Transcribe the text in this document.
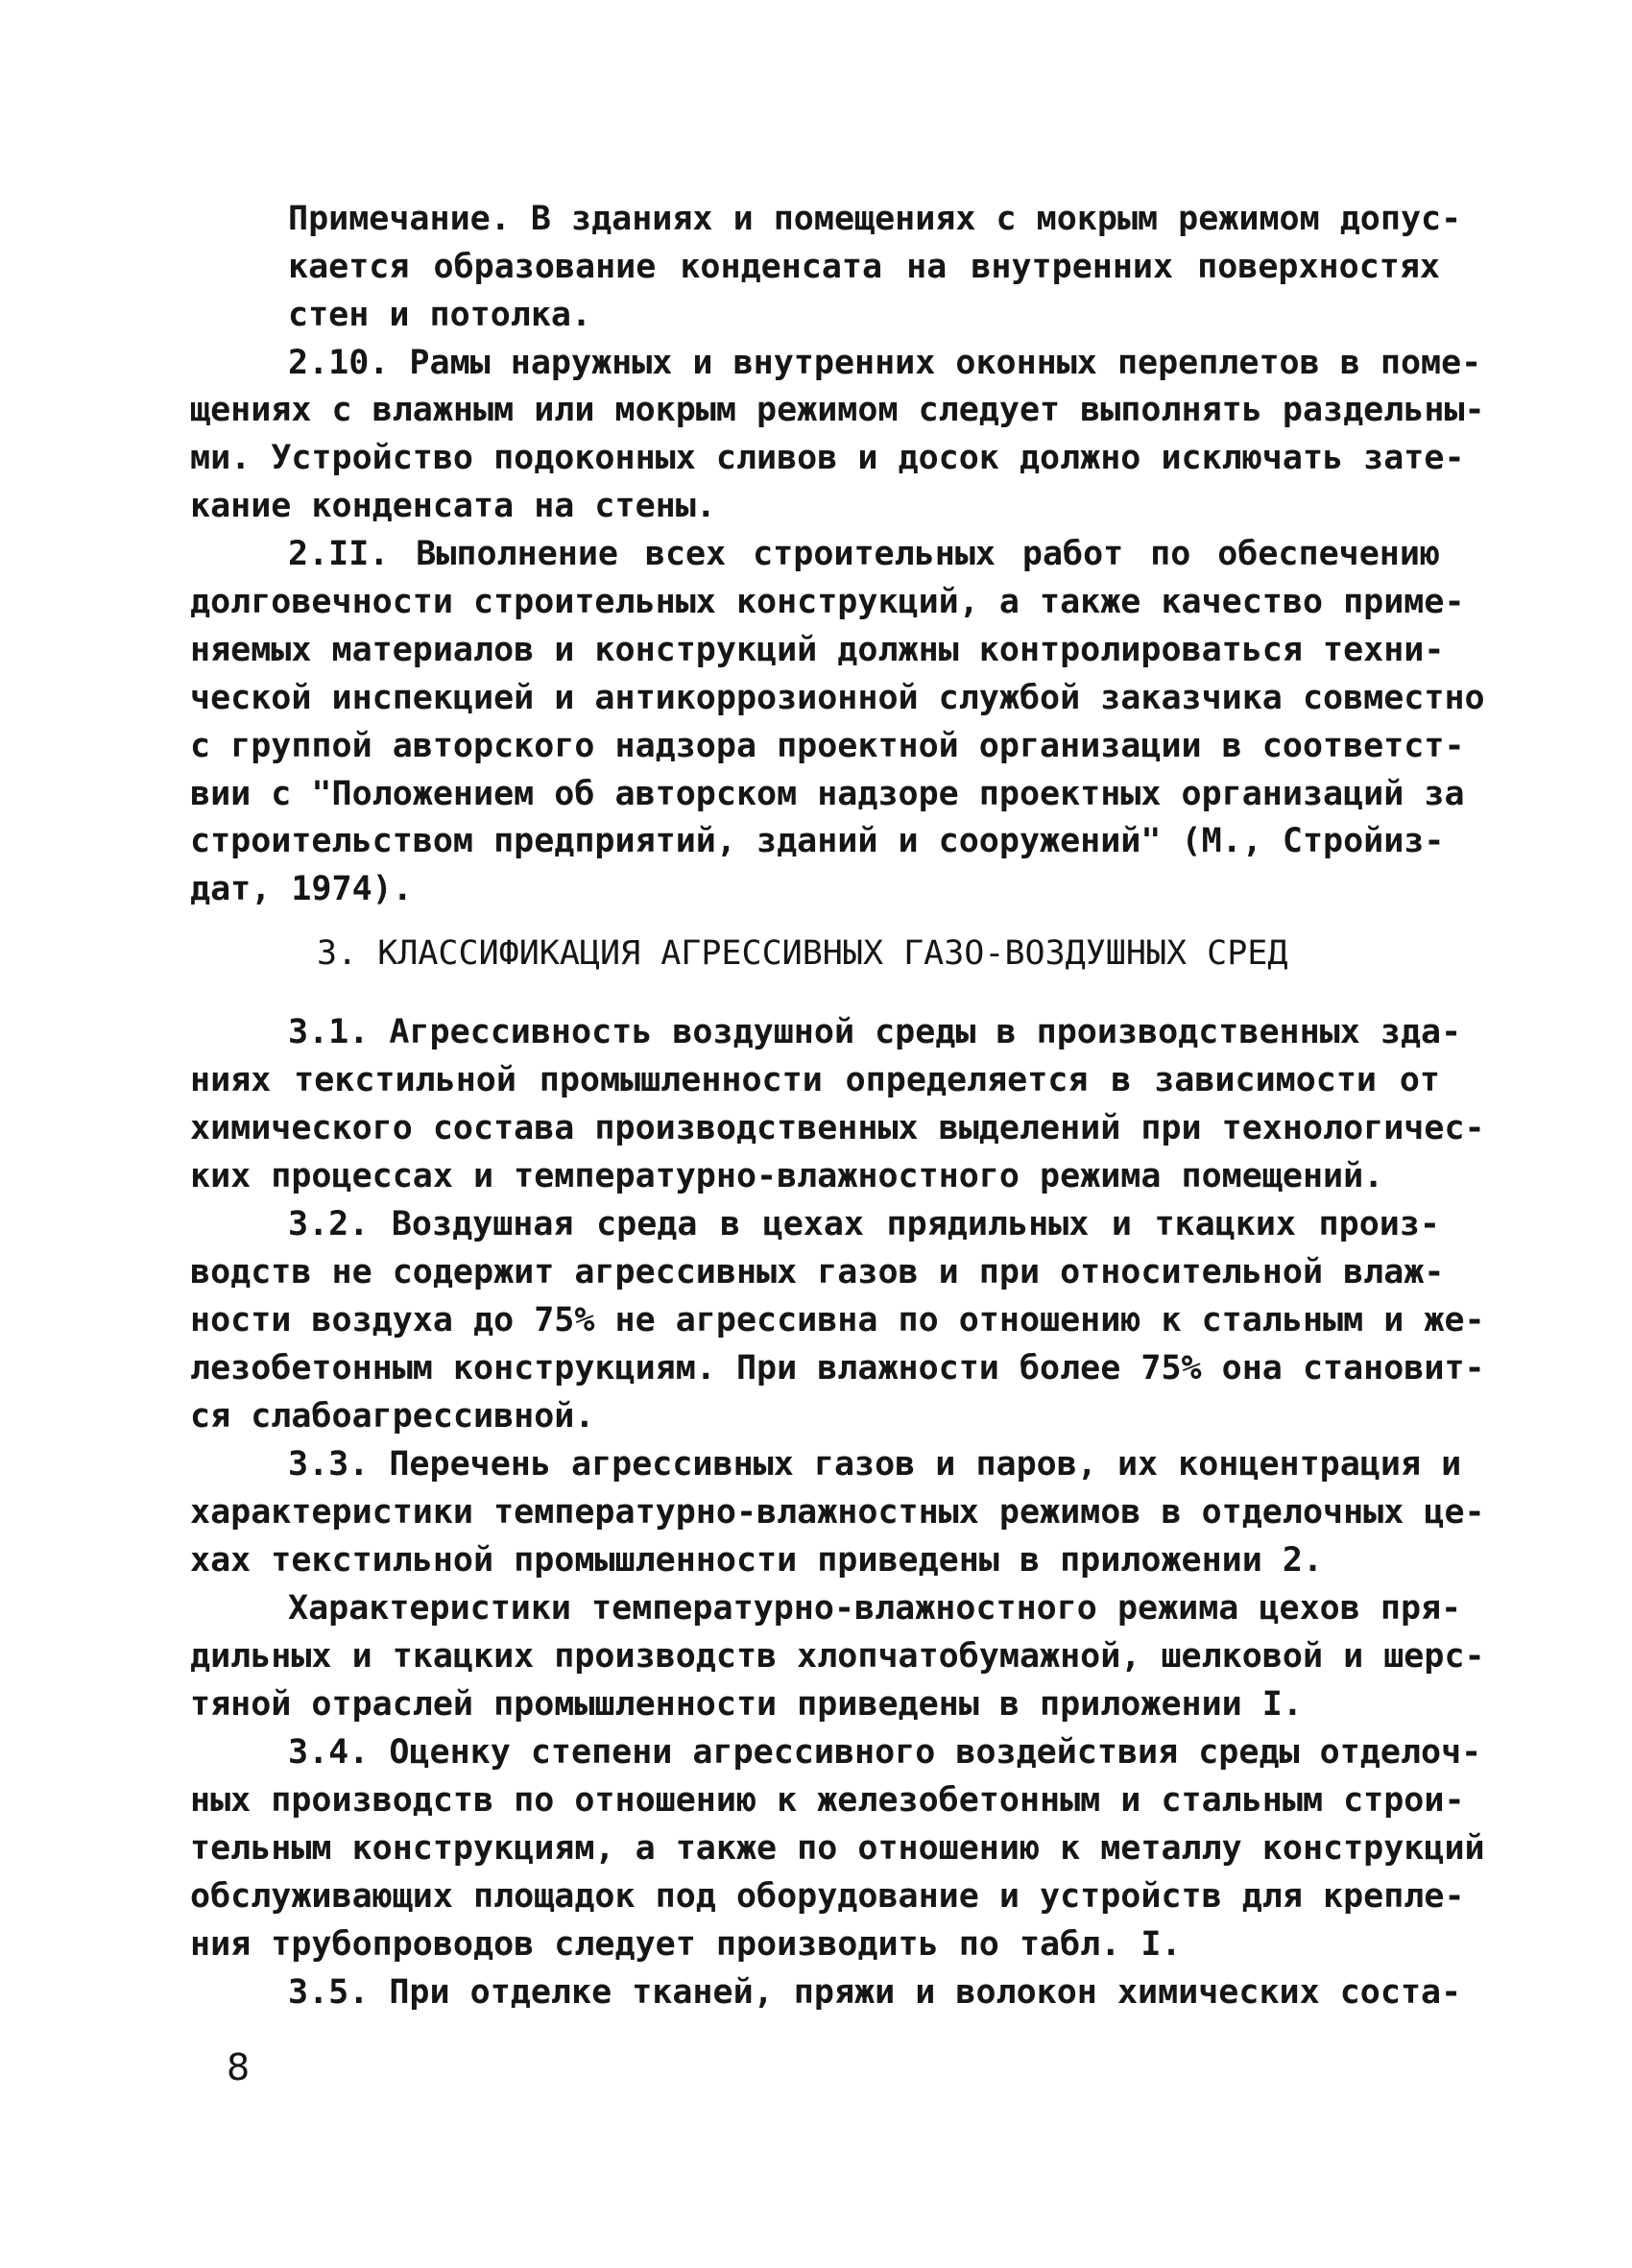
Примечание. В зданиях и помещениях с мокрым режимом допус-

кается образование конденсата на внутренних поверхностях

стен и потолка.

2.10. Рамы наружных и внутренних оконных переплетов в поме-

щениях с влажным или мокрым режимом следует выполнять раздельны-

ми. Устройство подоконных сливов и досок должно исключать зате-

кание конденсата на стены.

2.II. Выполнение всех строительных работ по обеспечению

долговечности строительных конструкций, а также качество приме-

няемых материалов и конструкций должны контролироваться техни-

ческой инспекцией и антикоррозионной службой заказчика совместно

с группой авторского надзора проектной организации в соответст-

вии с "Положением об авторском надзоре проектных организаций за

строительством предприятий, зданий и сооружений" (М., Стройиз-

дат, 1974).

3. КЛАССИФИКАЦИЯ АГРЕССИВНЫХ ГАЗО-ВОЗДУШНЫХ СРЕД

3.1. Агрессивность воздушной среды в производственных зда-

ниях текстильной промышленности определяется в зависимости от

химического состава производственных выделений при технологичес-

ких процессах и температурно-влажностного режима помещений.

3.2. Воздушная среда в цехах прядильных и ткацких произ-

водств не содержит агрессивных газов и при относительной влаж-

ности воздуха до 75% не агрессивна по отношению к стальным и же-

лезобетонным конструкциям. При влажности более 75% она становит-

ся слабоагрессивной.

3.3. Перечень агрессивных газов и паров, их концентрация и

характеристики температурно-влажностных режимов в отделочных це-

хах текстильной промышленности приведены в приложении 2.

Характеристики температурно-влажностного режима цехов пря-

дильных и ткацких производств хлопчатобумажной, шелковой и шерс-

тяной отраслей промышленности приведены в приложении I.

3.4. Оценку степени агрессивного воздействия среды отделоч-

ных производств по отношению к железобетонным и стальным строи-

тельным конструкциям, а также по отношению к металлу конструкций

обслуживающих площадок под оборудование и устройств для крепле-

ния трубопроводов следует производить по табл. I.

3.5. При отделке тканей, пряжи и волокон химических соста-

8
